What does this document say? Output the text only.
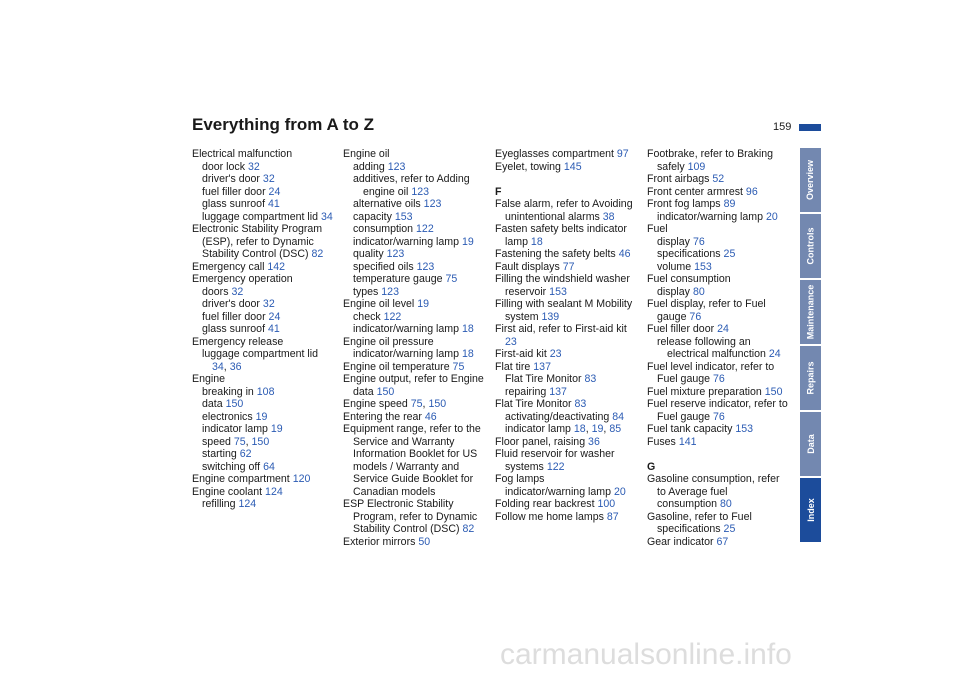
Everything from A to Z	159
Electrical malfunction
door lock 32
driver's door 32
fuel filler door 24
glass sunroof 41
luggage compartment lid 34
Electronic Stability Program (ESP), refer to Dynamic Stability Control (DSC) 82
Emergency call 142
Emergency operation
doors 32
driver's door 32
fuel filler door 24
glass sunroof 41
Emergency release
luggage compartment lid 34, 36
Engine
breaking in 108
data 150
electronics 19
indicator lamp 19
speed 75, 150
starting 62
switching off 64
Engine compartment 120
Engine coolant 124
refilling 124
Engine oil
adding 123
additives, refer to Adding engine oil 123
alternative oils 123
capacity 153
consumption 122
indicator/warning lamp 19
quality 123
specified oils 123
temperature gauge 75
types 123
Engine oil level 19
check 122
indicator/warning lamp 18
Engine oil pressure
indicator/warning lamp 18
Engine oil temperature 75
Engine output, refer to Engine data 150
Engine speed 75, 150
Entering the rear 46
Equipment range, refer to the Service and Warranty Information Booklet for US models / Warranty and Service Guide Booklet for Canadian models
ESP Electronic Stability Program, refer to Dynamic Stability Control (DSC) 82
Exterior mirrors 50
Eyeglasses compartment 97
Eyelet, towing 145
F
False alarm, refer to Avoiding unintentional alarms 38
Fasten safety belts indicator lamp 18
Fastening the safety belts 46
Fault displays 77
Filling the windshield washer reservoir 153
Filling with sealant M Mobility system 139
First aid, refer to First-aid kit 23
First-aid kit 23
Flat tire 137
Flat Tire Monitor 83
repairing 137
Flat Tire Monitor 83
activating/deactivating 84
indicator lamp 18, 19, 85
Floor panel, raising 36
Fluid reservoir for washer systems 122
Fog lamps
indicator/warning lamp 20
Folding rear backrest 100
Follow me home lamps 87
Footbrake, refer to Braking safely 109
Front airbags 52
Front center armrest 96
Front fog lamps 89
indicator/warning lamp 20
Fuel
display 76
specifications 25
volume 153
Fuel consumption
display 80
Fuel display, refer to Fuel gauge 76
Fuel filler door 24
release following an electrical malfunction 24
Fuel level indicator, refer to Fuel gauge 76
Fuel mixture preparation 150
Fuel reserve indicator, refer to Fuel gauge 76
Fuel tank capacity 153
Fuses 141
G
Gasoline consumption, refer to Average fuel consumption 80
Gasoline, refer to Fuel specifications 25
Gear indicator 67
Overview
Controls
Maintenance
Repairs
Data
Index
carmanualsonline.info
